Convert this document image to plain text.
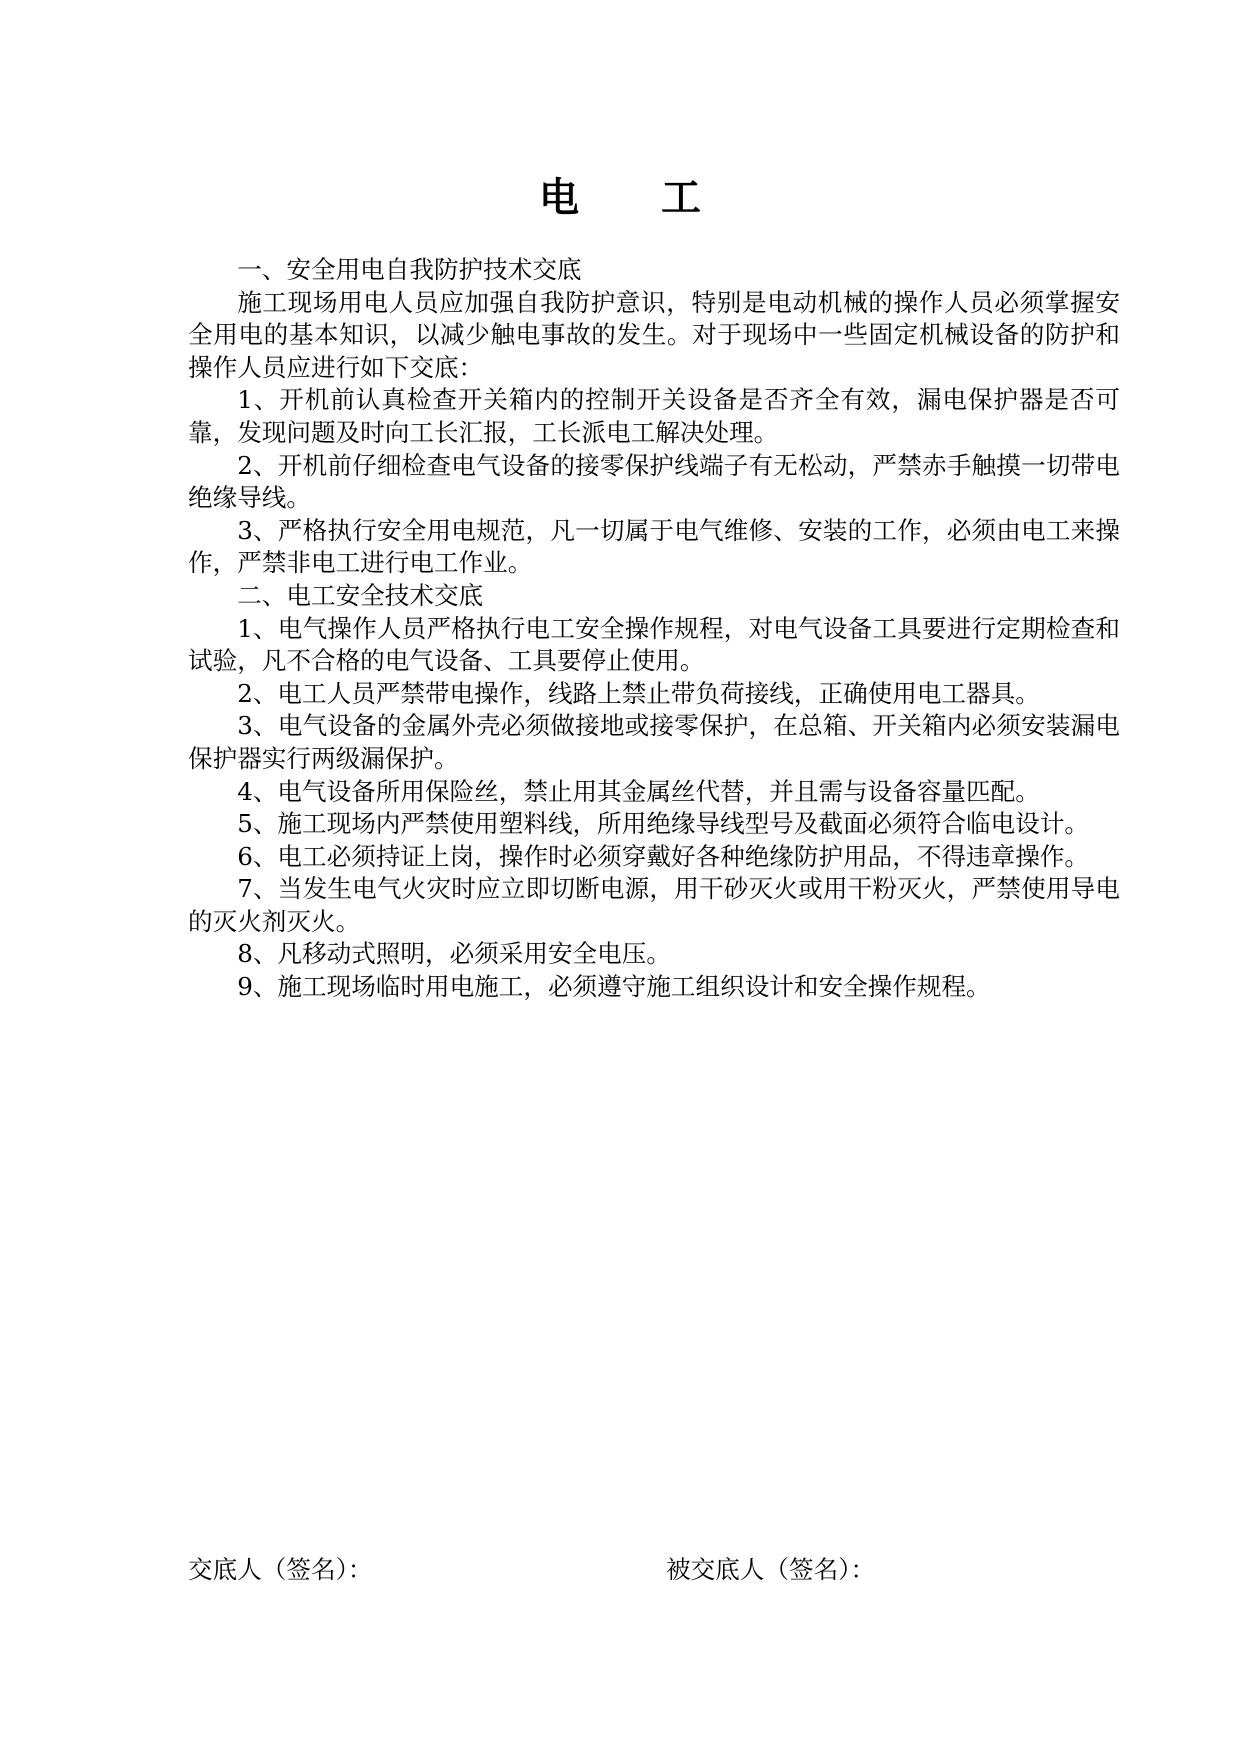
电 工

一、安全用电自我防护技术交底

施工现场用电人员应加强自我防护意识，特别是电动机械的操作人员必须掌握安全用电的基本知识，以减少触电事故的发生。对于现场中一些固定机械设备的防护和操作人员应进行如下交底：

1、开机前认真检查开关箱内的控制开关设备是否齐全有效，漏电保护器是否可靠，发现问题及时向工长汇报，工长派电工解决处理。

2、开机前仔细检查电气设备的接零保护线端子有无松动，严禁赤手触摸一切带电绝缘导线。

3、严格执行安全用电规范，凡一切属于电气维修、安装的工作，必须由电工来操作，严禁非电工进行电工作业。

二、电工安全技术交底

1、电气操作人员严格执行电工安全操作规程，对电气设备工具要进行定期检查和试验，凡不合格的电气设备、工具要停止使用。

2、电工人员严禁带电操作，线路上禁止带负荷接线，正确使用电工器具。

3、电气设备的金属外壳必须做接地或接零保护，在总箱、开关箱内必须安装漏电保护器实行两级漏保护。

4、电气设备所用保险丝，禁止用其金属丝代替，并且需与设备容量匹配。

5、施工现场内严禁使用塑料线，所用绝缘导线型号及截面必须符合临电设计。

6、电工必须持证上岗，操作时必须穿戴好各种绝缘防护用品，不得违章操作。

7、当发生电气火灾时应立即切断电源，用干砂灭火或用干粉灭火，严禁使用导电的灭火剂灭火。

8、凡移动式照明，必须采用安全电压。

9、施工现场临时用电施工，必须遵守施工组织设计和安全操作规程。

交底人（签名）：	被交底人（签名）：
